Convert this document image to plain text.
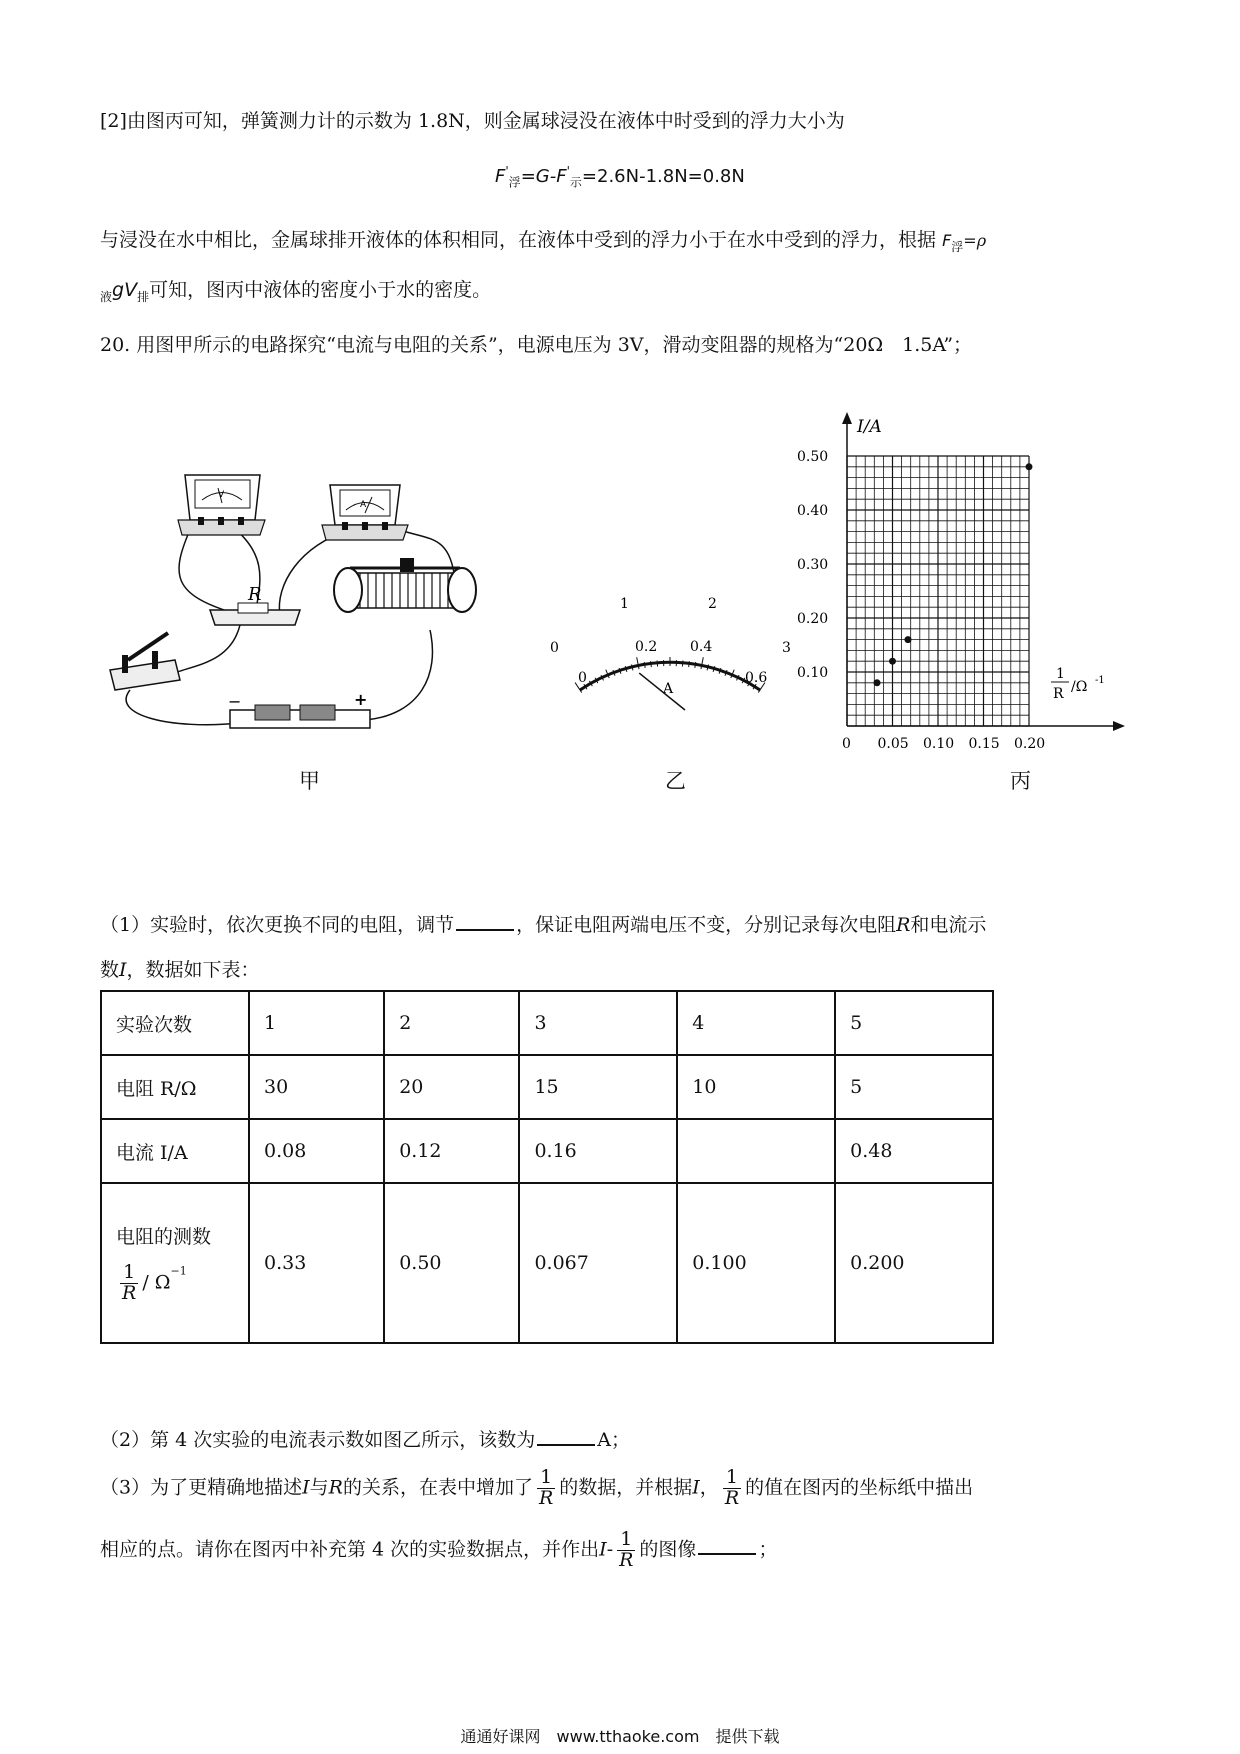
[2]由图丙可知，弹簧测力计的示数为 1.8N，则金属球浸没在液体中时受到的浮力大小为
$F'_浮=G-F'_示=2.6N-1.8N=0.8N$
与浸没在水中相比，金属球排开液体的体积相同，在液体中受到的浮力小于在水中受到的浮力，根据 $F_浮=\rho$
$_液gV_排$可知，图丙中液体的密度小于水的密度。
20. 用图甲所示的电路探究“电流与电阻的关系”，电源电压为 3V，滑动变阻器的规格为“20Ω　1.5A”；
V
A
R
−	+
甲
0
1	2
3
0
0.2 0.4
0.6
A
乙
I/A
1
R /Ω -1
0.10
0.20
0.30
0.40
0.50
0 0.05 0.10 0.15 0.20
丙
（1）实验时，依次更换不同的电阻，调节	，保证电阻两端电压不变，分别记录每次电阻R和电流示
数I，数据如下表：
实验次数	1	2	3	4	5
电阻 R/Ω	30	20	15	10	5
电流 I/A	0.08	0.12	0.16		0.48

电阻的测数
$\frac{1}{R} / \Omega^{-1}$	0.33	0.50	0.067	0.100	0.200
（2）第 4 次实验的电流表示数如图乙所示，该数为	A；
（3）为了更精确地描述I与R的关系，在表中增加了 $\frac{1}{R}$ 的数据，并根据I， $\frac{1}{R}$ 的值在图丙的坐标纸中描出
相应的点。请你在图丙中补充第 4 次的实验数据点，并作出$I- \frac{1}{R}$ 的图像	；
通通好课网　www.tthaoke.com　提供下载
